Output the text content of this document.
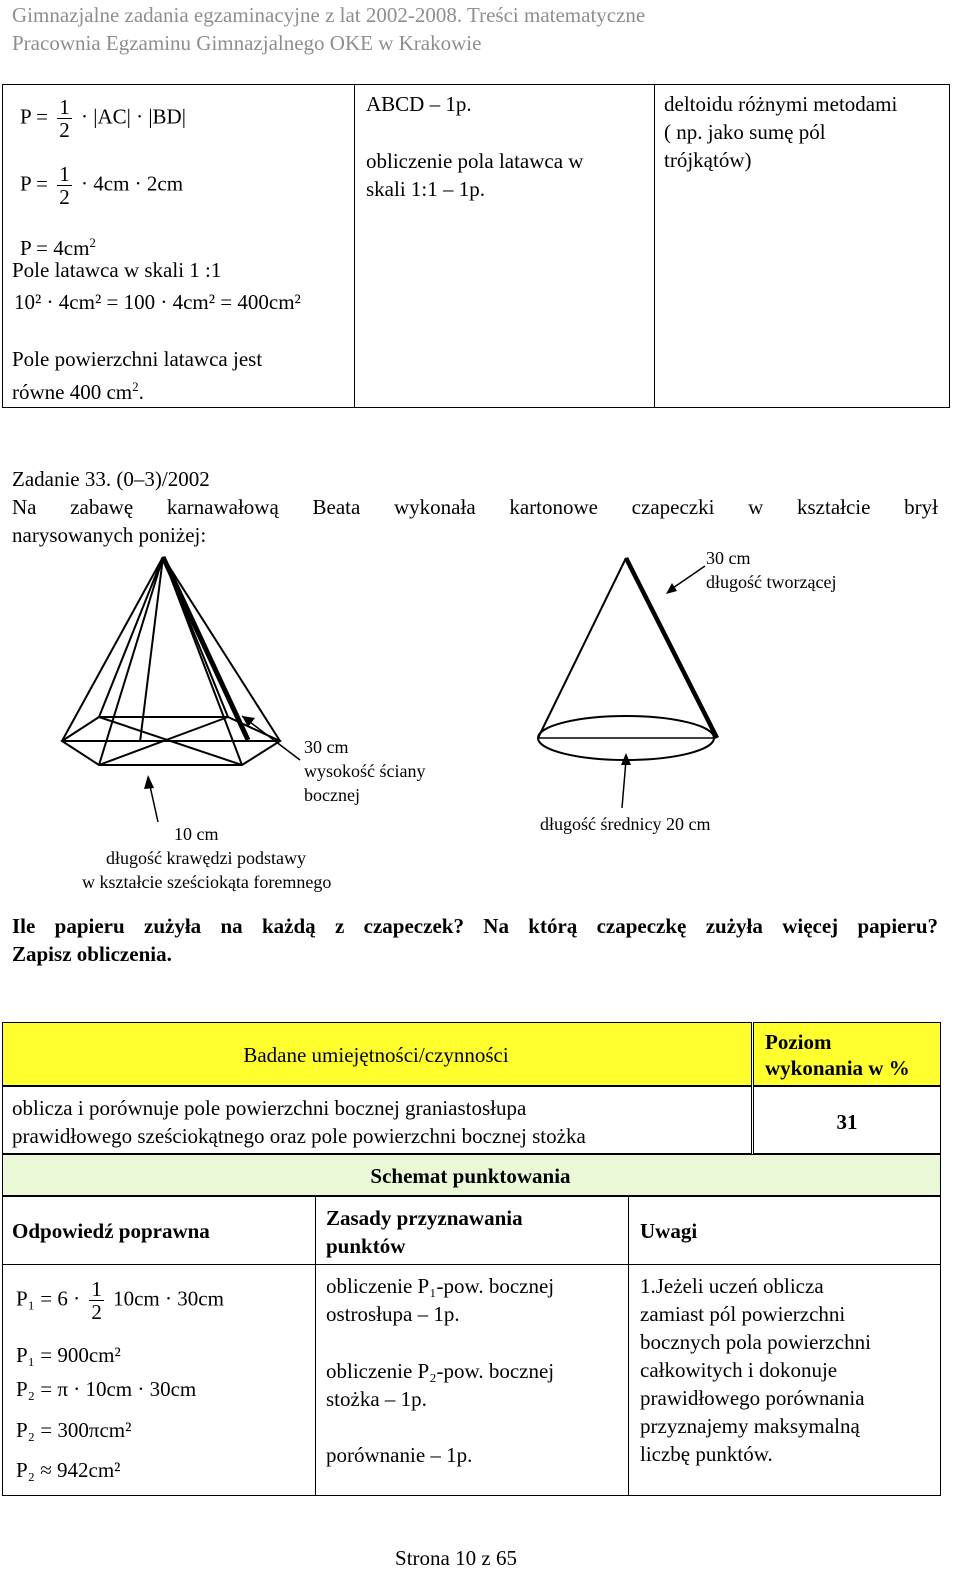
Gimnazjalne zadania egzaminacyjne z lat 2002-2008. Treści matematyczne
Pracownia Egzaminu Gimnazjalnego OKE w Krakowie
$P = \frac{1}{2} \cdot |AC| \cdot |BD|$
$P = \frac{1}{2} \cdot 4cm \cdot 2cm$
$P = 4cm^2$
Pole latawca w skali 1 :1
10² · 4cm² = 100 · 4cm² = 400cm²
Pole powierzchni latawca jest
równe 400 $cm^2$.
ABCD – 1p.
obliczenie pola latawca w
skali 1:1 – 1p.
deltoidu różnymi metodami
( np. jako sumę pól
trójkątów)
Zadanie 33. (0–3)/2002
Na zabawę karnawałową Beata wykonała kartonowe czapeczki w kształcie brył
narysowanych poniżej:
30 cm
wysokość ściany
bocznej
10 cm
długość krawędzi podstawy
w kształcie sześciokąta foremnego
30 cm
długość tworzącej
długość średnicy 20 cm
Ile papieru zużyła na każdą z czapeczek? Na którą czapeczkę zużyła więcej papieru?
Zapisz obliczenia.
Badane umiejętności/czynności
Poziom
wykonania w %
oblicza i porównuje pole powierzchni bocznej graniastosłupa
prawidłowego sześciokątnego oraz pole powierzchni bocznej stożka
31
Schemat punktowania
Odpowiedź poprawna
Zasady przyznawania
punktów
Uwagi
$P_1 = 6 \cdot \frac{1}{2} 10cm \cdot 30cm$
P₁ = 900cm²
P₂ = π · 10cm · 30cm
P₂ = 300πcm²
P₂ ≈ 942cm²
obliczenie P₁-pow. bocznej
ostrosłupa – 1p.
obliczenie P₂-pow. bocznej
stożka – 1p.
porównanie – 1p.
1.Jeżeli uczeń oblicza
zamiast pól powierzchni
bocznych pola powierzchni
całkowitych i dokonuje
prawidłowego porównania
przyznajemy maksymalną
liczbę punktów.
Strona 10 z 65
